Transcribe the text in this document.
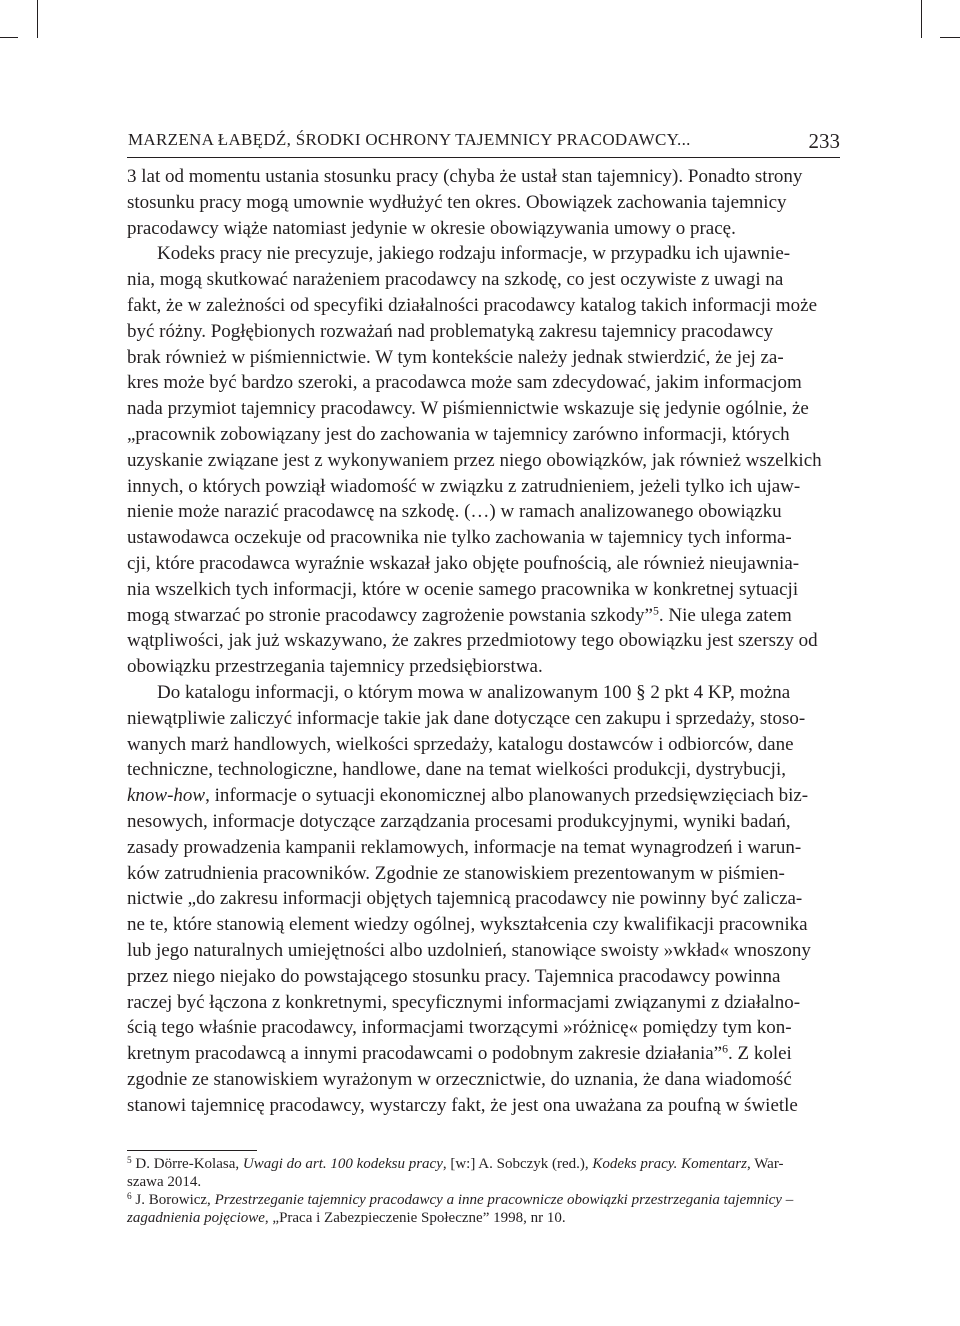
MARZENA ŁABĘDŹ, ŚRODKI OCHRONY TAJEMNICY PRACODAWCY...	233
3 lat od momentu ustania stosunku pracy (chyba że ustał stan tajemnicy). Ponadto strony
stosunku pracy mogą umownie wydłużyć ten okres. Obowiązek zachowania tajemnicy
pracodawcy wiąże natomiast jedynie w okresie obowiązywania umowy o pracę.
Kodeks pracy nie precyzuje, jakiego rodzaju informacje, w przypadku ich ujawnie-
nia, mogą skutkować narażeniem pracodawcy na szkodę, co jest oczywiste z uwagi na
fakt, że w zależności od specyfiki działalności pracodawcy katalog takich informacji może
być różny. Pogłębionych rozważań nad problematyką zakresu tajemnicy pracodawcy
brak również w piśmiennictwie. W tym kontekście należy jednak stwierdzić, że jej za-
kres może być bardzo szeroki, a pracodawca może sam zdecydować, jakim informacjom
nada przymiot tajemnicy pracodawcy. W piśmiennictwie wskazuje się jedynie ogólnie, że
„pracownik zobowiązany jest do zachowania w tajemnicy zarówno informacji, których
uzyskanie związane jest z wykonywaniem przez niego obowiązków, jak również wszelkich
innych, o których powziął wiadomość w związku z zatrudnieniem, jeżeli tylko ich ujaw-
nienie może narazić pracodawcę na szkodę. (…) w ramach analizowanego obowiązku
ustawodawca oczekuje od pracownika nie tylko zachowania w tajemnicy tych informa-
cji, które pracodawca wyraźnie wskazał jako objęte poufnością, ale również nieujawnia-
nia wszelkich tych informacji, które w ocenie samego pracownika w konkretnej sytuacji
mogą stwarzać po stronie pracodawcy zagrożenie powstania szkody”$^5$. Nie ulega zatem
wątpliwości, jak już wskazywano, że zakres przedmiotowy tego obowiązku jest szerszy od
obowiązku przestrzegania tajemnicy przedsiębiorstwa.
Do katalogu informacji, o którym mowa w analizowanym 100 § 2 pkt 4 KP, można
niewątpliwie zaliczyć informacje takie jak dane dotyczące cen zakupu i sprzedaży, stoso-
wanych marż handlowych, wielkości sprzedaży, katalogu dostawców i odbiorców, dane
techniczne, technologiczne, handlowe, dane na temat wielkości produkcji, dystrybucji,
know-how, informacje o sytuacji ekonomicznej albo planowanych przedsięwzięciach biz-
nesowych, informacje dotyczące zarządzania procesami produkcyjnymi, wyniki badań,
zasady prowadzenia kampanii reklamowych, informacje na temat wynagrodzeń i warun-
ków zatrudnienia pracowników. Zgodnie ze stanowiskiem prezentowanym w piśmien-
nictwie „do zakresu informacji objętych tajemnicą pracodawcy nie powinny być zalicza-
ne te, które stanowią element wiedzy ogólnej, wykształcenia czy kwalifikacji pracownika
lub jego naturalnych umiejętności albo uzdolnień, stanowiące swoisty »wkład« wnoszony
przez niego niejako do powstającego stosunku pracy. Tajemnica pracodawcy powinna
raczej być łączona z konkretnymi, specyficznymi informacjami związanymi z działalno-
ścią tego właśnie pracodawcy, informacjami tworzącymi »różnicę« pomiędzy tym kon-
kretnym pracodawcą a innymi pracodawcami o podobnym zakresie działania”$^6$. Z kolei
zgodnie ze stanowiskiem wyrażonym w orzecznictwie, do uznania, że dana wiadomość
stanowi tajemnicę pracodawcy, wystarczy fakt, że jest ona uważana za poufną w świetle
$^5$ D. Dörre-Kolasa, Uwagi do art. 100 kodeksu pracy, [w:] A. Sobczyk (red.), Kodeks pracy. Komentarz, War-
szawa 2014.
$^6$ J. Borowicz, Przestrzeganie tajemnicy pracodawcy a inne pracownicze obowiązki przestrzegania tajemnicy –
zagadnienia pojęciowe, „Praca i Zabezpieczenie Społeczne” 1998, nr 10.
